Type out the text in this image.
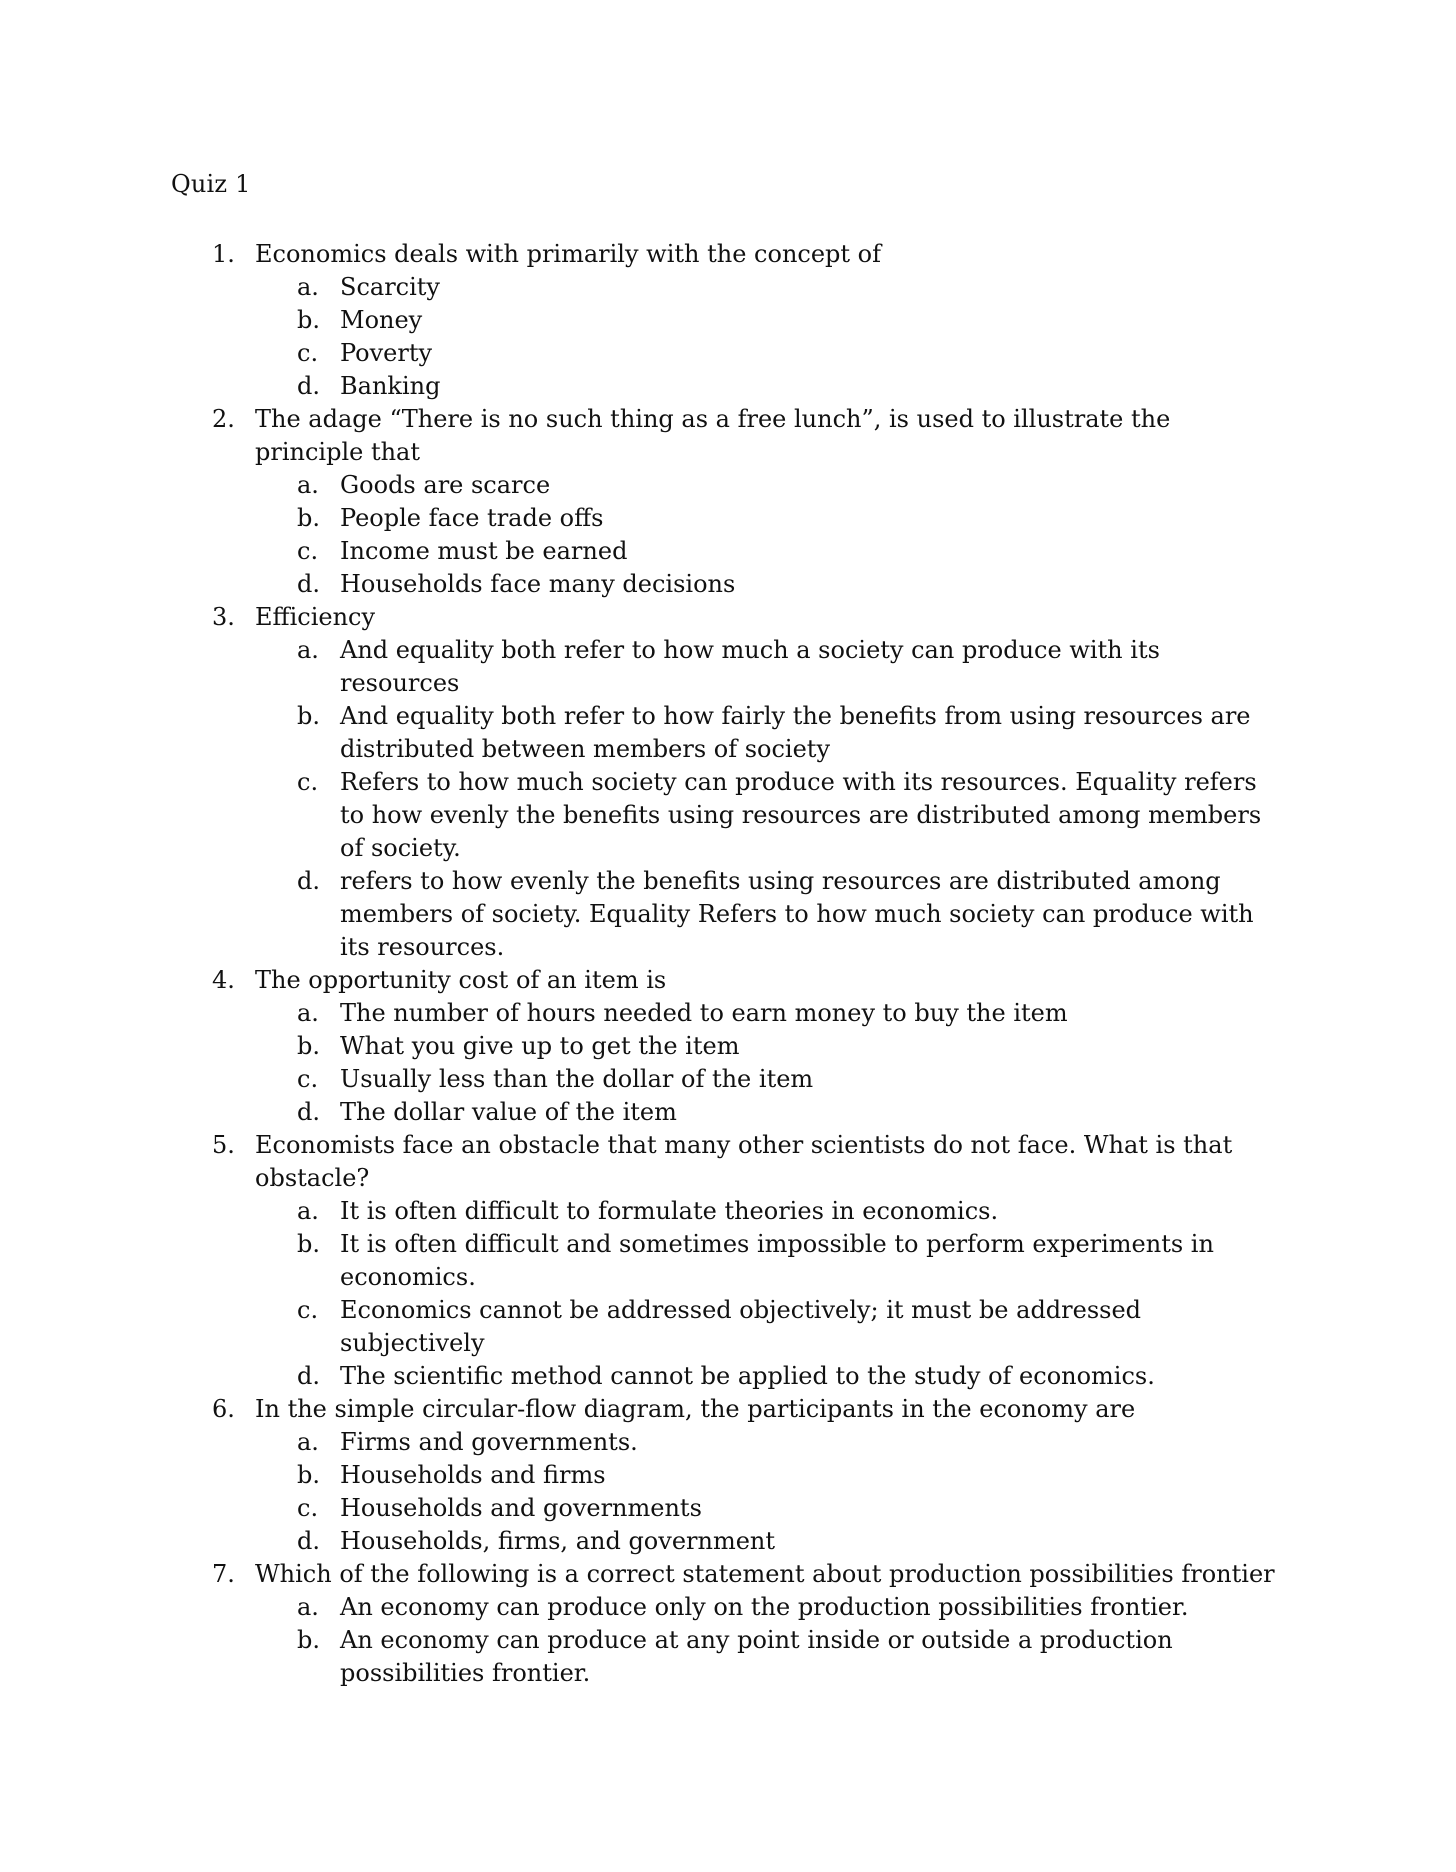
Quiz 1
1. Economics deals with primarily with the concept of
a. Scarcity
b. Money
c. Poverty
d. Banking
2. The adage “There is no such thing as a free lunch”, is used to illustrate the principle that
a. Goods are scarce
b. People face trade offs
c. Income must be earned
d. Households face many decisions
3. Efficiency
a. And equality both refer to how much a society can produce with its resources
b. And equality both refer to how fairly the benefits from using resources are distributed between members of society
c. Refers to how much society can produce with its resources. Equality refers to how evenly the benefits using resources are distributed among members of society.
d. refers to how evenly the benefits using resources are distributed among members of society. Equality Refers to how much society can produce with its resources.
4. The opportunity cost of an item is
a. The number of hours needed to earn money to buy the item
b. What you give up to get the item
c. Usually less than the dollar of the item
d. The dollar value of the item
5. Economists face an obstacle that many other scientists do not face. What is that obstacle?
a. It is often difficult to formulate theories in economics.
b. It is often difficult and sometimes impossible to perform experiments in economics.
c. Economics cannot be addressed objectively; it must be addressed subjectively
d. The scientific method cannot be applied to the study of economics.
6. In the simple circular-flow diagram, the participants in the economy are
a. Firms and governments.
b. Households and firms
c. Households and governments
d. Households, firms, and government
7. Which of the following is a correct statement about production possibilities frontier
a. An economy can produce only on the production possibilities frontier.
b. An economy can produce at any point inside or outside a production possibilities frontier.
